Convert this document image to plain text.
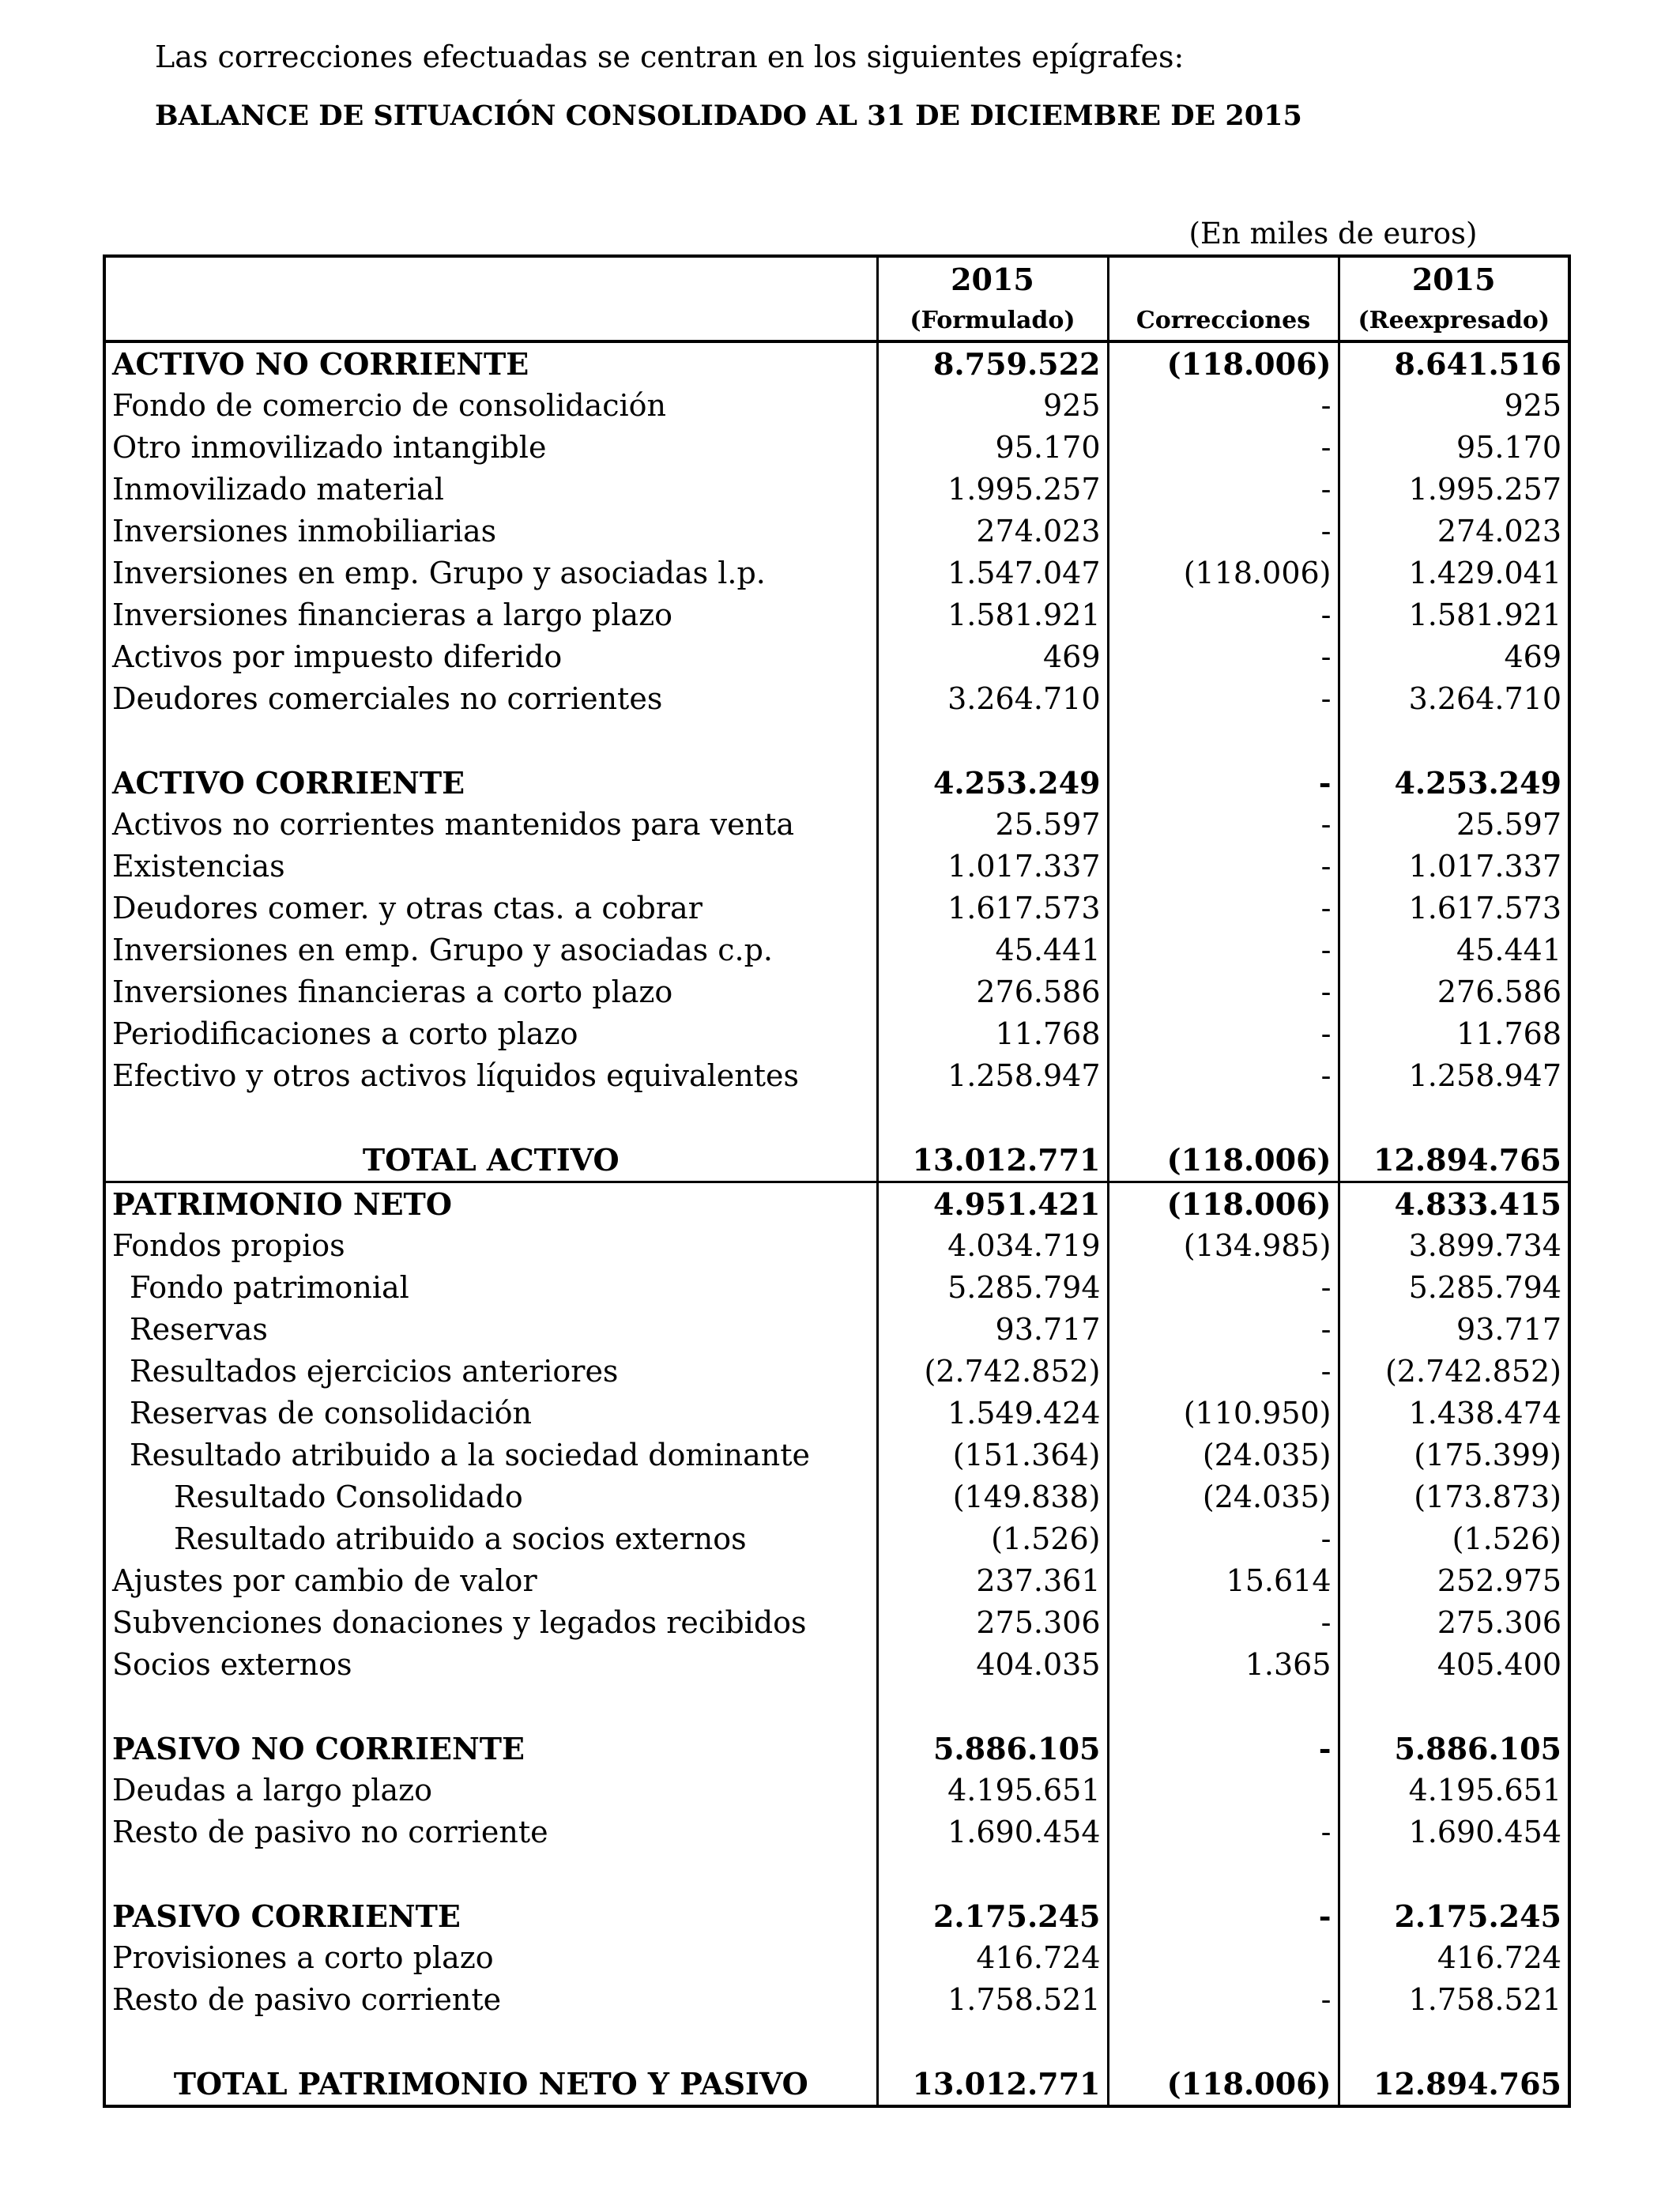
Las correcciones efectuadas se centran en los siguientes epígrafes:
BALANCE DE SITUACIÓN CONSOLIDADO AL 31 DE DICIEMBRE DE 2015
(En miles de euros)
	2015		2015
	(Formulado)	Correcciones	(Reexpresado)
ACTIVO NO CORRIENTE	8.759.522	(118.006)	8.641.516
Fondo de comercio de consolidación	925	-	925
Otro inmovilizado intangible	95.170	-	95.170
Inmovilizado material	1.995.257	-	1.995.257
Inversiones inmobiliarias	274.023	-	274.023
Inversiones en emp. Grupo y asociadas l.p.	1.547.047	(118.006)	1.429.041
Inversiones financieras a largo plazo	1.581.921	-	1.581.921
Activos por impuesto diferido	469	-	469
Deudores comerciales no corrientes	3.264.710	-	3.264.710

ACTIVO CORRIENTE	4.253.249	-	4.253.249
Activos no corrientes mantenidos para venta	25.597	-	25.597
Existencias	1.017.337	-	1.017.337
Deudores comer. y otras ctas. a cobrar	1.617.573	-	1.617.573
Inversiones en emp. Grupo y asociadas c.p.	45.441	-	45.441
Inversiones financieras a corto plazo	276.586	-	276.586
Periodificaciones a corto plazo	11.768	-	11.768
Efectivo y otros activos líquidos equivalentes	1.258.947	-	1.258.947

TOTAL ACTIVO	13.012.771	(118.006)	12.894.765
PATRIMONIO NETO	4.951.421	(118.006)	4.833.415
Fondos propios	4.034.719	(134.985)	3.899.734
Fondo patrimonial	5.285.794	-	5.285.794
Reservas	93.717	-	93.717
Resultados ejercicios anteriores	(2.742.852)	-	(2.742.852)
Reservas de consolidación	1.549.424	(110.950)	1.438.474
Resultado atribuido a la sociedad dominante	(151.364)	(24.035)	(175.399)
Resultado Consolidado	(149.838)	(24.035)	(173.873)
Resultado atribuido a socios externos	(1.526)	-	(1.526)
Ajustes por cambio de valor	237.361	15.614	252.975
Subvenciones donaciones y legados recibidos	275.306	-	275.306
Socios externos	404.035	1.365	405.400

PASIVO NO CORRIENTE	5.886.105	-	5.886.105
Deudas a largo plazo	4.195.651		4.195.651
Resto de pasivo no corriente	1.690.454	-	1.690.454

PASIVO CORRIENTE	2.175.245	-	2.175.245
Provisiones a corto plazo	416.724		416.724
Resto de pasivo corriente	1.758.521	-	1.758.521

TOTAL PATRIMONIO NETO Y PASIVO	13.012.771	(118.006)	12.894.765
